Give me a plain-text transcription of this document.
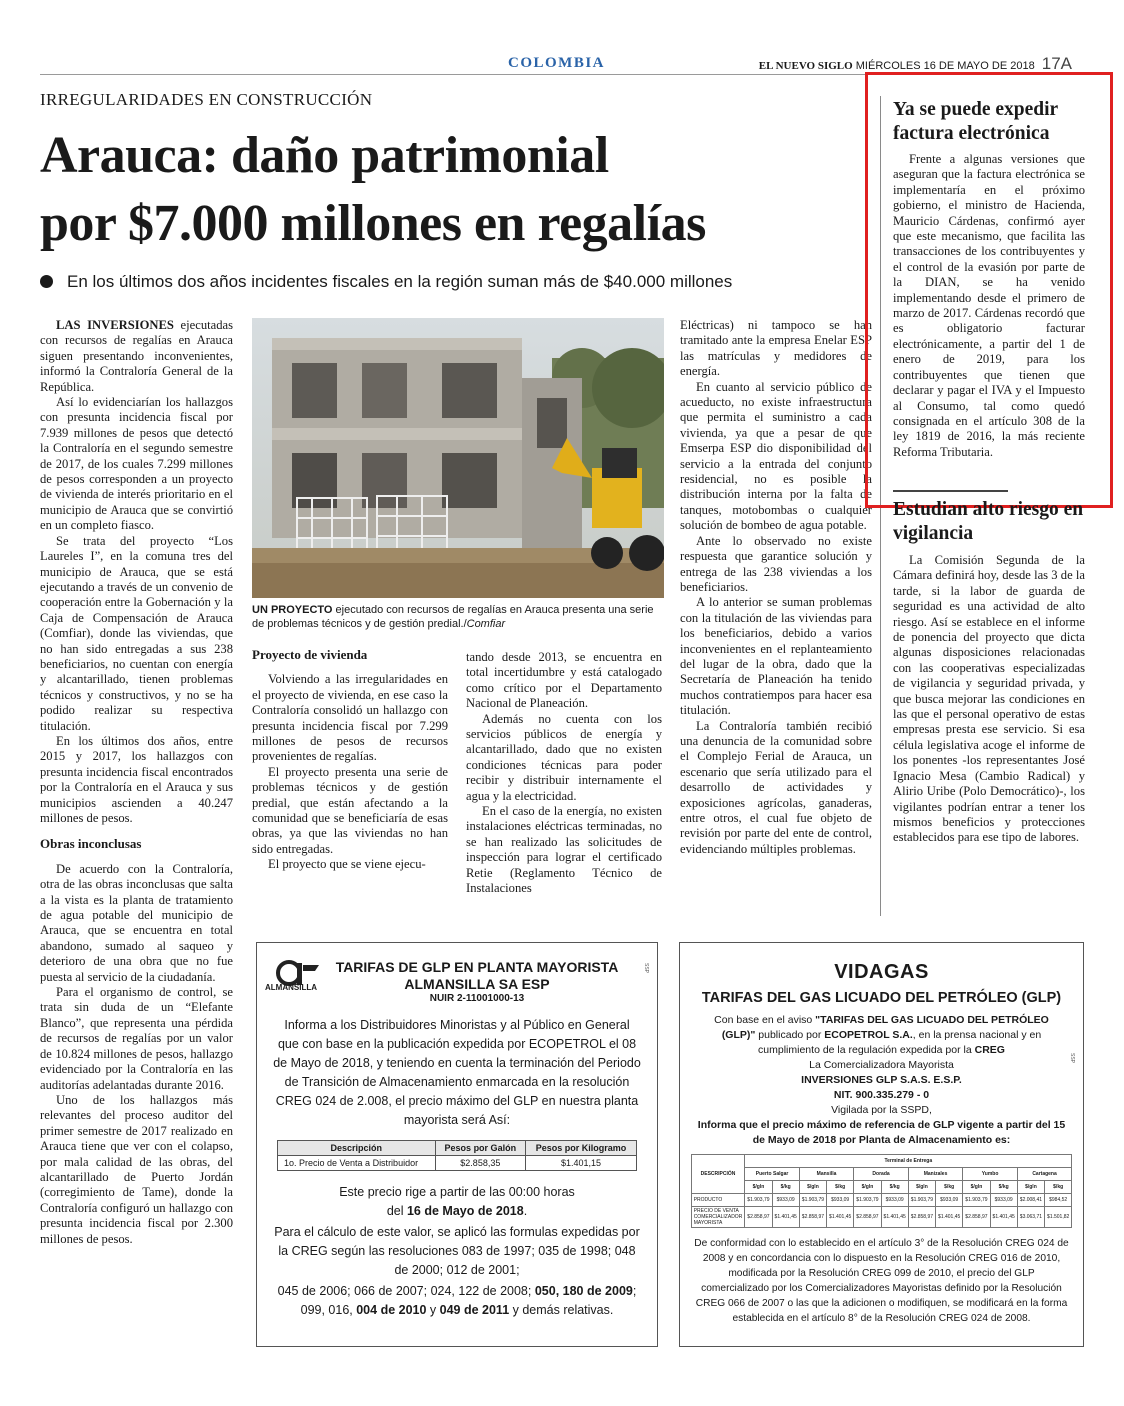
COLOMBIA	EL NUEVO SIGLO MIÉRCOLES 16 DE MAYO DE 2018 17A
IRREGULARIDADES EN CONSTRUCCIÓN
Arauca: daño patrimonial
por $7.000 millones en regalías
En los últimos dos años incidentes fiscales en la región suman más de $40.000 millones

LAS INVERSIONES ejecutadas con recursos de regalías en Arauca siguen presentando inconvenientes, informó la Contraloría General de la República.

Así lo evidenciarían los hallazgos con presunta incidencia fiscal por 7.939 millones de pesos que detectó la Contraloría en el segundo semestre de 2017, de los cuales 7.299 millones de pesos corresponden a un proyecto de vivienda de interés prioritario en el municipio de Arauca que se convirtió en un completo fiasco.

Se trata del proyecto “Los Laureles I”, en la comuna tres del municipio de Arauca, que se está ejecutando a través de un convenio de cooperación entre la Gobernación y la Caja de Compensación de Arauca (Comfiar), donde las viviendas, que no han sido entregadas a sus 238 beneficiarios, no cuentan con energía y alcantarillado, tienen problemas técnicos y constructivos, y no se ha podido realizar su respectiva titulación.

En los últimos dos años, entre 2015 y 2017, los hallazgos con presunta incidencia fiscal encontrados por la Contraloría en el Arauca y sus municipios ascienden a 40.247 millones de pesos.

Obras inconclusas

De acuerdo con la Contraloría, otra de las obras inconclusas que salta a la vista es la planta de tratamiento de agua potable del municipio de Arauca, que se encuentra en total abandono, sumado al saqueo y deterioro de una obra que no fue puesta al servicio de la ciudadanía.

Para el organismo de control, se trata sin duda de un “Elefante Blanco”, que representa una pérdida de recursos de regalías por un valor de 10.824 millones de pesos, hallazgo evidenciado por la Contraloría en las auditorías adelantadas durante 2016.

Uno de los hallazgos más relevantes del proceso auditor del primer semestre de 2017 realizado en Arauca tiene que ver con el colapso, por mala calidad de las obras, del alcantarillado de Puerto Jordán (corregimiento de Tame), donde la Contraloría configuró un hallazgo con presunta incidencia fiscal por 2.300 millones de pesos.

UN PROYECTO ejecutado con recursos de regalías en Arauca presenta una serie de problemas técnicos y de gestión predial./Comfiar
Proyecto de vivienda

Volviendo a las irregularidades en el proyecto de vivienda, en ese caso la Contraloría consolidó un hallazgo con presunta incidencia fiscal por 7.299 millones de pesos de recursos provenientes de regalías.

El proyecto presenta una serie de problemas técnicos y de gestión predial, que están afectando a la comunidad que se beneficiaría de esas obras, ya que las viviendas no han sido entregadas.

El proyecto que se viene ejecu-

tando desde 2013, se encuentra en total incertidumbre y está catalogado como crítico por el Departamento Nacional de Planeación.

Además no cuenta con los servicios públicos de energía y alcantarillado, dado que no existen condiciones técnicas para poder recibir y distribuir internamente el agua y la electricidad.

En el caso de la energía, no existen instalaciones eléctricas terminadas, no se han realizado las solicitudes de inspección para lograr el certificado Retie (Reglamento Técnico de Instalaciones

Eléctricas) ni tampoco se han tramitado ante la empresa Enelar ESP las matrículas y medidores de energía.

En cuanto al servicio público de acueducto, no existe infraestructura que permita el suministro a cada vivienda, ya que a pesar de que Emserpa ESP dio disponibilidad del servicio a la entrada del conjunto residencial, no es posible la distribución interna por la falta de tanques, motobombas o cualquier solución de bombeo de agua potable.

Ante lo observado no existe respuesta que garantice solución y entrega de las 238 viviendas a los beneficiarios.

A lo anterior se suman problemas con la titulación de las viviendas para los beneficiarios, debido a varios inconvenientes en el replanteamiento del lugar de la obra, dado que la Secretaría de Planeación ha tenido muchos contratiempos para hacer esa titulación.

La Contraloría también recibió una denuncia de la comunidad sobre el Complejo Ferial de Arauca, un escenario que sería utilizado para el desarrollo de actividades y exposiciones agrícolas, ganaderas, entre otros, el cual fue objeto de revisión por parte del ente de control, evidenciando múltiples problemas.

Ya se puede expedir factura electrónica

Frente a algunas versiones que aseguran que la factura electrónica se implementaría en el próximo gobierno, el ministro de Hacienda, Mauricio Cárdenas, confirmó ayer que este mecanismo, que facilita las transacciones de los contribuyentes y el control de la evasión por parte de la DIAN, se ha venido implementando desde el primero de marzo de 2017. Cárdenas recordó que es obligatorio facturar electrónicamente, a partir del 1 de enero de 2019, para los contribuyentes que tienen que declarar y pagar el IVA y el Impuesto al Consumo, tal como quedó consignada en el artículo 308 de la ley 1819 de 2016, la más reciente Reforma Tributaria.

Estudian alto riesgo en vigilancia

La Comisión Segunda de la Cámara definirá hoy, desde las 3 de la tarde, si la labor de guarda de seguridad es una actividad de alto riesgo. Así se establece en el informe de ponencia del proyecto que dicta algunas disposiciones relacionadas con las cooperativas especializadas de vigilancia y seguridad privada, y que busca mejorar las condiciones en las que el personal operativo de estas empresas presta ese servicio. Si esa célula legislativa acoge el informe de los ponentes -los representantes José Ignacio Mesa (Cambio Radical) y Alirio Uribe (Polo Democrático)-, los vigilantes podrían entrar a tener los mismos beneficios y protecciones establecidos para ese tipo de labores.

ALMANSILLA
SSP
TARIFAS DE GLP EN PLANTA MAYORISTA
ALMANSILLA SA ESP
NUIR 2-11001000-13
Informa a los Distribuidores Minoristas y al Público en General que con base en la publicación expedida por ECOPETROL el 08 de Mayo de 2018, y teniendo en cuenta la terminación del Periodo de Transición de Almacenamiento enmarcada en la resolución CREG 024 de 2.008, el precio máximo del GLP en nuestra planta mayorista será Así:
Descripción	Pesos por Galón	Pesos por Kilogramo
1o. Precio de Venta a Distribuidor	$2.858,35	$1.401,15
Este precio rige a partir de las 00:00 horas
del 16 de Mayo de 2018.
Para el cálculo de este valor, se aplicó las formulas expedidas por la CREG según las resoluciones 083 de 1997; 035 de 1998; 048 de 2000; 012 de 2001;
045 de 2006; 066 de 2007; 024, 122 de 2008; 050, 180 de 2009; 099, 016, 004 de 2010 y 049 de 2011 y demás relativas.
VIDAGAS
SSP
TARIFAS DEL GAS LICUADO DEL PETRÓLEO (GLP)
Con base en el aviso "TARIFAS DEL GAS LICUADO DEL PETRÓLEO (GLP)" publicado por ECOPETROL S.A., en la prensa nacional y en cumplimiento de la regulación expedida por la CREG
La Comercializadora Mayorista
INVERSIONES GLP S.A.S. E.S.P.
NIT. 900.335.279 - 0
Vigilada por la SSPD,
Informa que el precio máximo de referencia de GLP vigente a partir del 15 de Mayo de 2018 por Planta de Almacenamiento es:
DESCRIPCIÓN	Terminal de Entrega											
	Puerto Salgar		Mansilla		Dorada		Manizales		Yumbo		Cartagena	
	$/gln	$/kg	$/gln	$/kg	$/gln	$/kg	$/gln	$/kg	$/gln	$/kg	$/gln	$/kg
PRODUCTO	$1.903,79	$933,09	$1.903,79	$933,09	$1.903,79	$933,09	$1.903,79	$933,09	$1.903,79	$933,09	$2.008,41	$984,52
PRECIO DE VENTA COMERCIALIZADOR MAYORISTA	$2.858,97	$1.401,45	$2.858,97	$1.401,45	$2.858,97	$1.401,45	$2.858,97	$1.401,45	$2.858,97	$1.401,45	$3.063,71	$1.501,82
De conformidad con lo establecido en el artículo 3° de la Resolución CREG 024 de 2008 y en concordancia con lo dispuesto en la Resolución CREG 016 de 2010, modificada por la Resolución CREG 099 de 2010, el precio del GLP comercializado por los Comercializadores Mayoristas definido por la Resolución CREG 066 de 2007 o las que la adicionen o modifiquen, se modificará en la forma establecida en el artículo 8° de la Resolución CREG 024 de 2008.
